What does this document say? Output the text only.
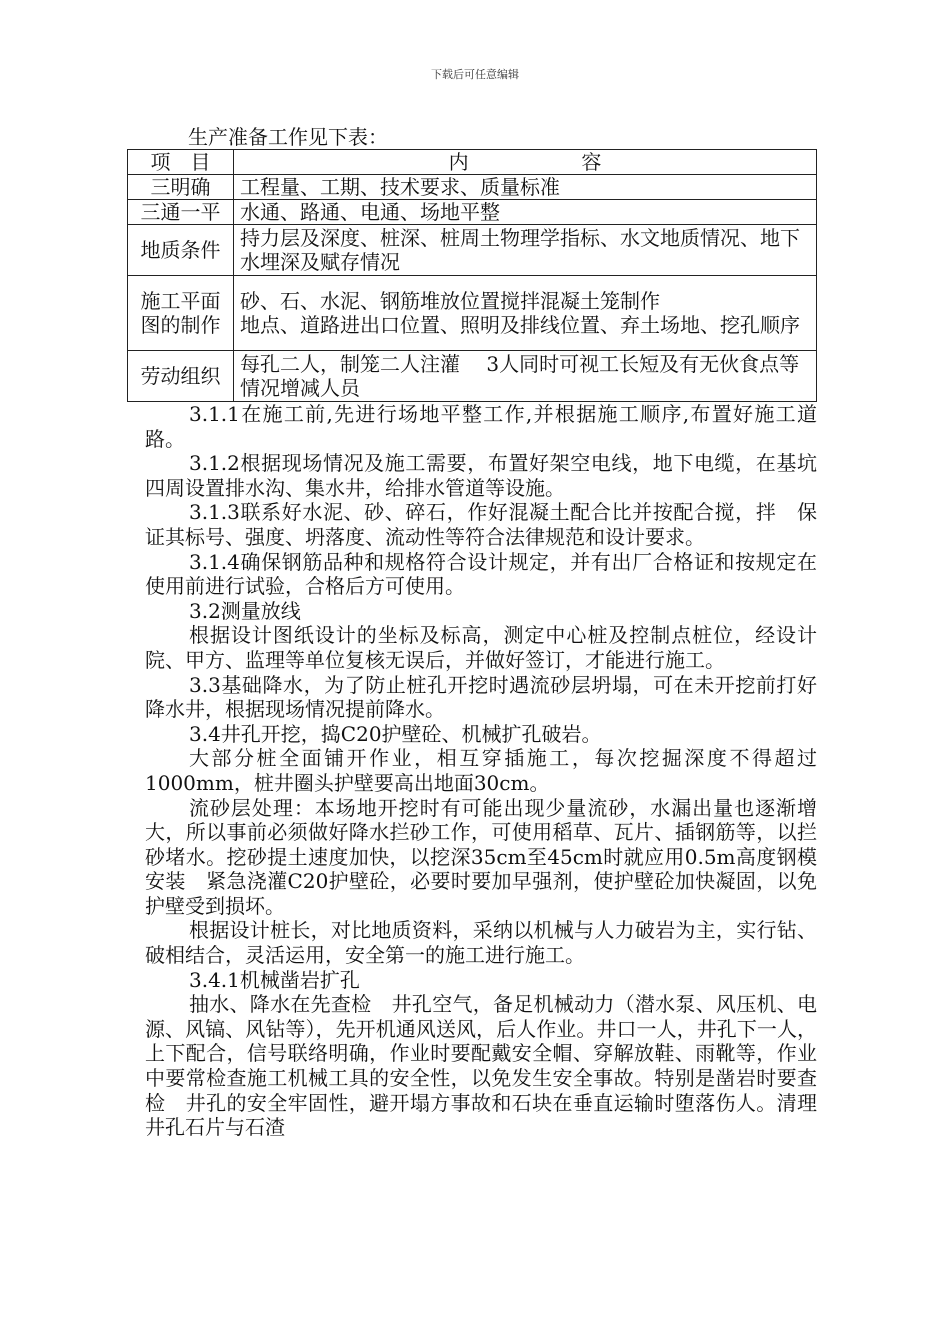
下载后可任意编辑
生产准备工作见下表：
项　目	内 容
三明确	工程量、工期、技术要求、质量标准
三通一平	水通、路通、电通、场地平整
地质条件	持力层及深度、桩深、桩周土物理学指标、水文地质情况、地下水埋深及赋存情况
施工平面图的制作	砂、石、水泥、钢筋堆放位置搅拌混凝土笼制作
地点、道路进出口位置、照明及排线位置、弃土场地、挖孔顺序

劳动组织	每孔二人，制笼二人注灌　 3人同时可视工长短及有无伙食点等情况增减人员

3.1.1在施工前,先进行场地平整工作,并根据施工顺序,布置好施工道路。

3.1.2根据现场情况及施工需要，布置好架空电线，地下电缆，在基坑四周设置排水沟、集水井，给排水管道等设施。

3.1.3联系好水泥、砂、碎石，作好混凝土配合比并按配合搅，拌　保证其标号、强度、坍落度、流动性等符合法律规范和设计要求。

3.1.4确保钢筋品种和规格符合设计规定，并有出厂合格证和按规定在使用前进行试验，合格后方可使用。

3.2测量放线

根据设计图纸设计的坐标及标高，测定中心桩及控制点桩位，经设计院、甲方、监理等单位复核无误后，并做好签订，才能进行施工。

3.3基础降水，为了防止桩孔开挖时遇流砂层坍塌，可在未开挖前打好降水井，根据现场情况提前降水。

3.4井孔开挖，捣C20护壁砼、机械扩孔破岩。

大部分桩全面铺开作业，相互穿插施工，每次挖掘深度不得超过1000mm，桩井圈头护壁要高出地面30cm。

流砂层处理：本场地开挖时有可能出现少量流砂，水漏出量也逐渐增大，所以事前必须做好降水拦砂工作，可使用稻草、瓦片、插钢筋等，以拦砂堵水。挖砂提土速度加快，以挖深35cm至45cm时就应用0.5m高度钢模安装　紧急浇灌C20护壁砼，必要时要加早强剂，使护壁砼加快凝固，以免护壁受到损坏。

根据设计桩长，对比地质资料，采纳以机械与人力破岩为主，实行钻、破相结合，灵活运用，安全第一的施工进行施工。

3.4.1机械凿岩扩孔

抽水、降水在先查检　井孔空气，备足机械动力（潜水泵、风压机、电源、风镐、风钻等），先开机通风送风，后人作业。井口一人，井孔下一人，上下配合，信号联络明确，作业时要配戴安全帽、穿解放鞋、雨靴等，作业中要常检查施工机械工具的安全性，以免发生安全事故。特别是凿岩时要查检　井孔的安全牢固性，避开塌方事故和石块在垂直运输时堕落伤人。清理井孔石片与石渣
